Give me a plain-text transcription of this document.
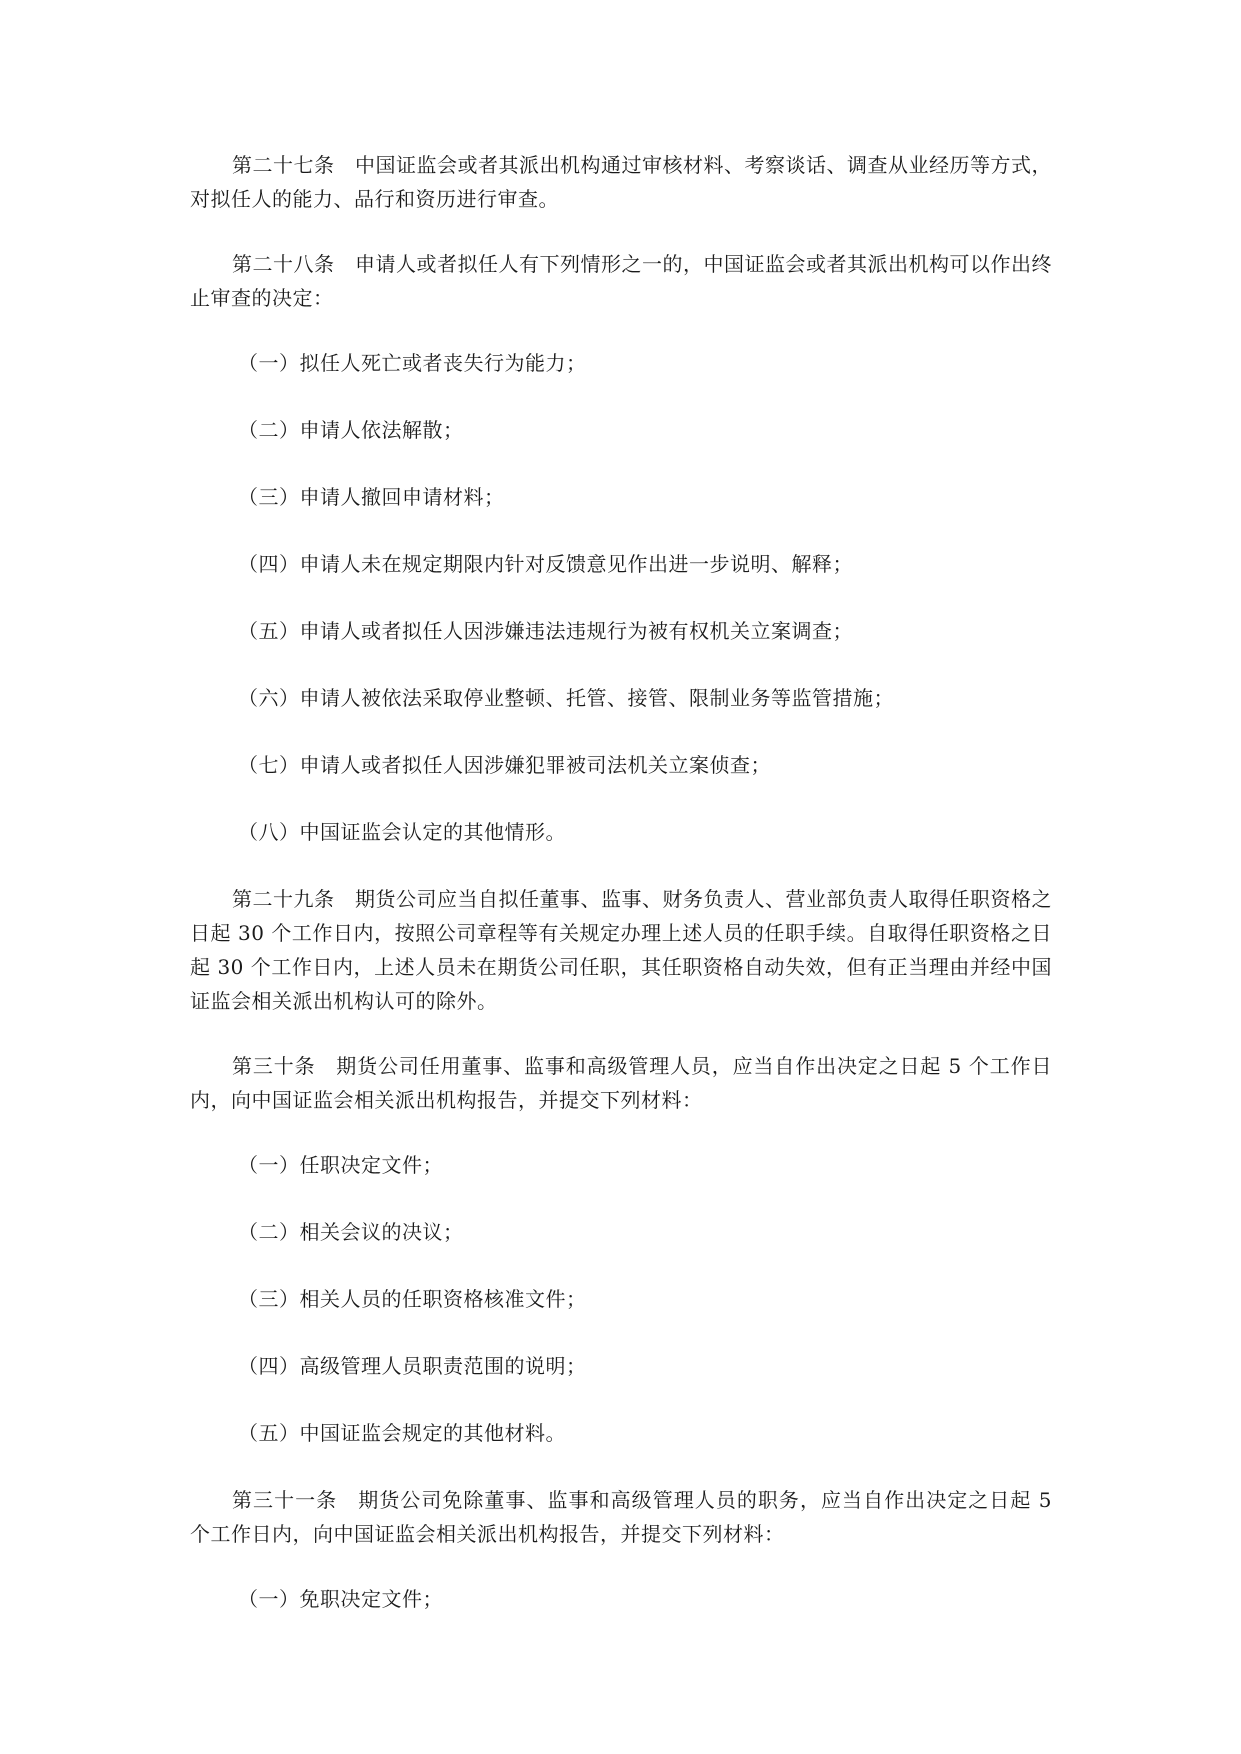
第二十七条　中国证监会或者其派出机构通过审核材料、考察谈话、调查从业经历等方式，对拟任人的能力、品行和资历进行审查。

第二十八条　申请人或者拟任人有下列情形之一的，中国证监会或者其派出机构可以作出终止审查的决定：

（一）拟任人死亡或者丧失行为能力；

（二）申请人依法解散；

（三）申请人撤回申请材料；

（四）申请人未在规定期限内针对反馈意见作出进一步说明、解释；

（五）申请人或者拟任人因涉嫌违法违规行为被有权机关立案调查；

（六）申请人被依法采取停业整顿、托管、接管、限制业务等监管措施；

（七）申请人或者拟任人因涉嫌犯罪被司法机关立案侦查；

（八）中国证监会认定的其他情形。

第二十九条　期货公司应当自拟任董事、监事、财务负责人、营业部负责人取得任职资格之日起 30 个工作日内，按照公司章程等有关规定办理上述人员的任职手续。自取得任职资格之日起 30 个工作日内，上述人员未在期货公司任职，其任职资格自动失效，但有正当理由并经中国证监会相关派出机构认可的除外。

第三十条　期货公司任用董事、监事和高级管理人员，应当自作出决定之日起 5 个工作日内，向中国证监会相关派出机构报告，并提交下列材料：

（一）任职决定文件；

（二）相关会议的决议；

（三）相关人员的任职资格核准文件；

（四）高级管理人员职责范围的说明；

（五）中国证监会规定的其他材料。

第三十一条　期货公司免除董事、监事和高级管理人员的职务，应当自作出决定之日起 5 个工作日内，向中国证监会相关派出机构报告，并提交下列材料：

（一）免职决定文件；
